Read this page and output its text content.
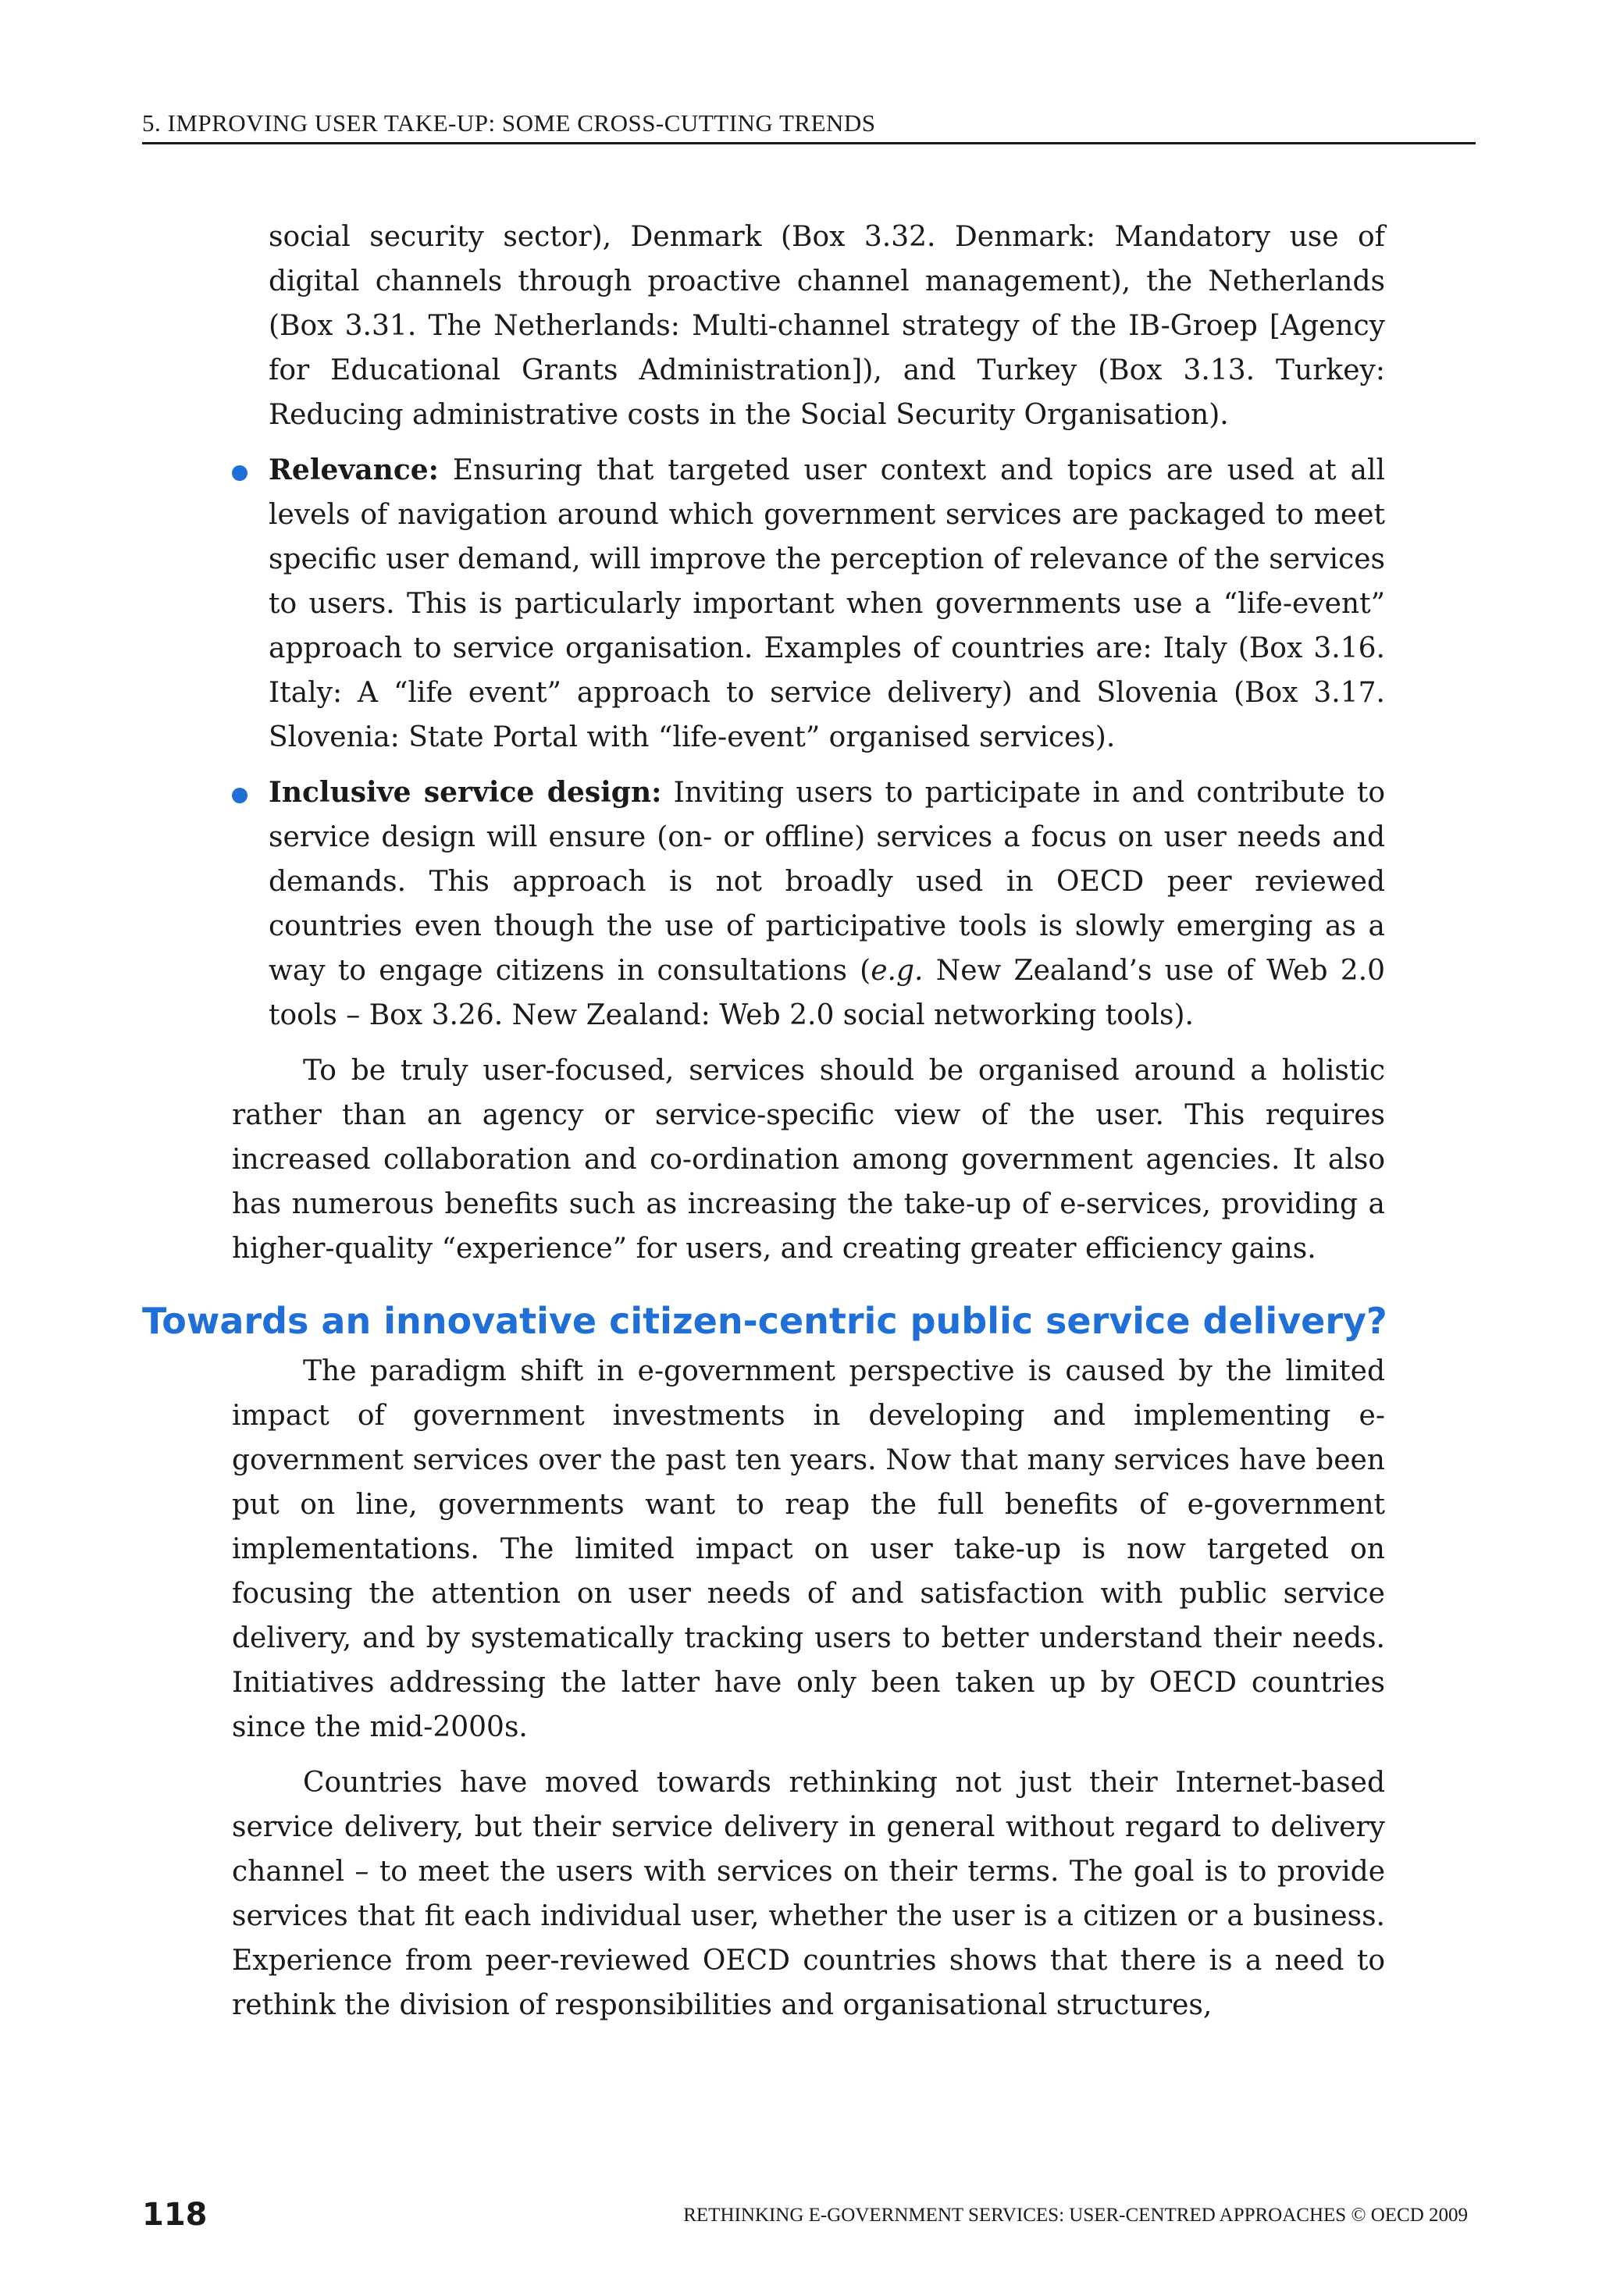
5. IMPROVING USER TAKE-UP: SOME CROSS-CUTTING TRENDS

social security sector), Denmark (Box 3.32. Denmark: Mandatory use of digital channels through proactive channel management), the Netherlands (Box 3.31. The Netherlands: Multi-channel strategy of the IB-Groep [Agency for Educational Grants Administration]), and Turkey (Box 3.13. Turkey: Reducing administrative costs in the Social Security Organisation).

Relevance: Ensuring that targeted user context and topics are used at all levels of navigation around which government services are packaged to meet specific user demand, will improve the perception of relevance of the services to users. This is particularly important when governments use a “life-event” approach to service organisation. Examples of countries are: Italy (Box 3.16. Italy: A “life event” approach to service delivery) and Slovenia (Box 3.17. Slovenia: State Portal with “life-event” organised services).
Inclusive service design: Inviting users to participate in and contribute to service design will ensure (on- or offline) services a focus on user needs and demands. This approach is not broadly used in OECD peer reviewed countries even though the use of participative tools is slowly emerging as a way to engage citizens in consultations (e.g. New Zealand’s use of Web 2.0 tools – Box 3.26. New Zealand: Web 2.0 social networking tools).

To be truly user-focused, services should be organised around a holistic rather than an agency or service-specific view of the user. This requires increased collaboration and co-ordination among government agencies. It also has numerous benefits such as increasing the take-up of e-services, providing a higher-quality “experience” for users, and creating greater efficiency gains.

Towards an innovative citizen-centric public service delivery?

The paradigm shift in e-government perspective is caused by the limited impact of government investments in developing and implementing e-government services over the past ten years. Now that many services have been put on line, governments want to reap the full benefits of e-government implementations. The limited impact on user take-up is now targeted on focusing the attention on user needs of and satisfaction with public service delivery, and by systematically tracking users to better understand their needs. Initiatives addressing the latter have only been taken up by OECD countries since the mid-2000s.

Countries have moved towards rethinking not just their Internet-based service delivery, but their service delivery in general without regard to delivery channel – to meet the users with services on their terms. The goal is to provide services that fit each individual user, whether the user is a citizen or a business. Experience from peer-reviewed OECD countries shows that there is a need to rethink the division of responsibilities and organisational structures,

118	RETHINKING E-GOVERNMENT SERVICES: USER-CENTRED APPROACHES © OECD 2009
